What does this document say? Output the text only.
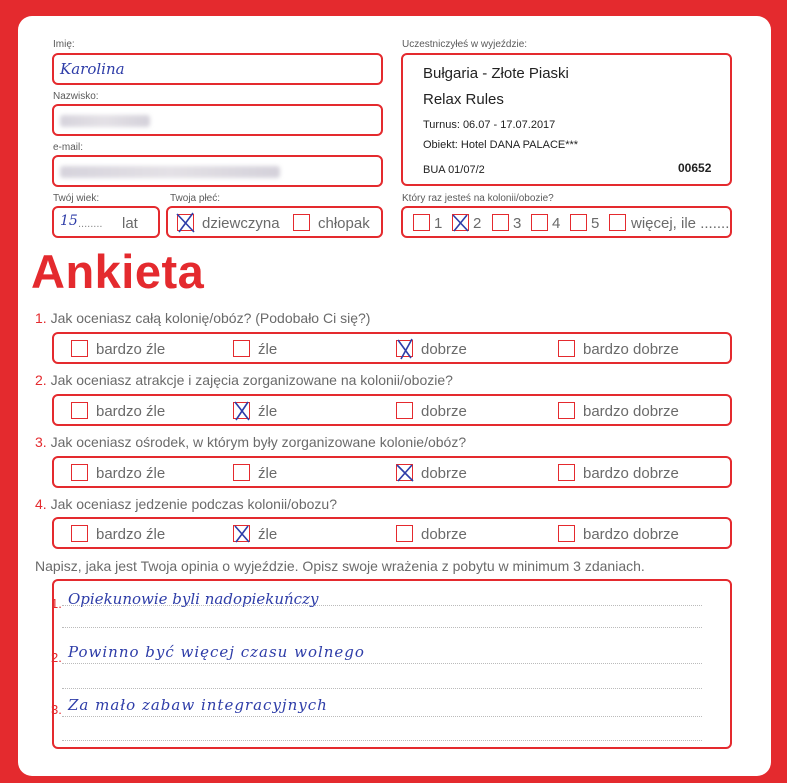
Imię:
Karolina
Nazwisko:
e-mail:
Twój wiek:
15 ........ lat
Twoja płeć:
dziewczyna	chłopak
Uczestniczyłeś w wyjeździe:
Bułgaria - Złote Piaski
Relax Rules
Turnus: 06.07 - 17.07.2017
Obiekt: Hotel DANA PALACE***
BUA 01/07/2	00652
Który raz jesteś na kolonii/obozie?
1 2 3 4 5 więcej, ile .......
Ankieta
1. Jak oceniasz całą kolonię/obóz? (Podobało Ci się?)
bardzo źle	źle	dobrze	bardzo dobrze
2. Jak oceniasz atrakcje i zajęcia zorganizowane na kolonii/obozie?
bardzo źle	źle	dobrze	bardzo dobrze
3. Jak oceniasz ośrodek, w którym były zorganizowane kolonie/obóz?
bardzo źle	źle	dobrze	bardzo dobrze
4. Jak oceniasz jedzenie podczas kolonii/obozu?
bardzo źle	źle	dobrze	bardzo dobrze
Napisz, jaka jest Twoja opinia o wyjeździe. Opisz swoje wrażenia z pobytu w minimum 3 zdaniach.
1. Opiekunowie byli nadopiekuńczy
2. Powinno być więcej czasu wolnego
3. Za mało zabaw integracyjnych
